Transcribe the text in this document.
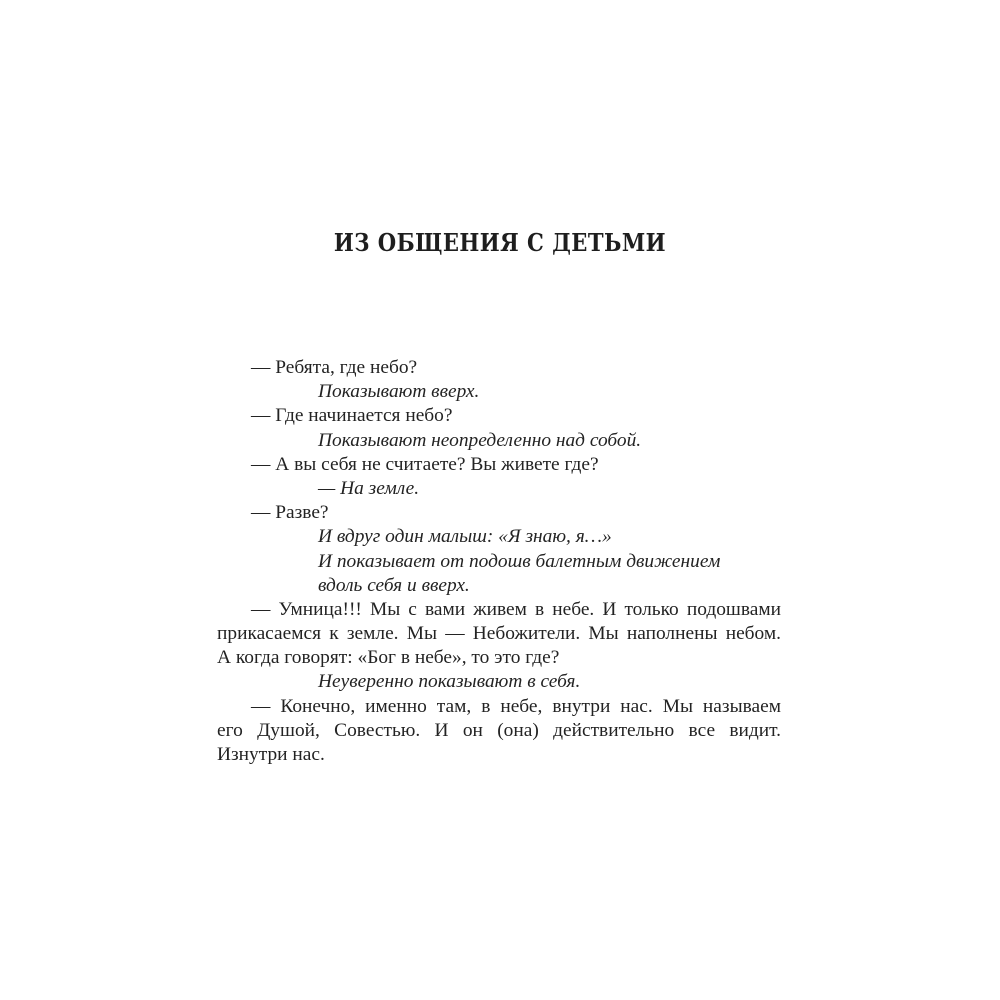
ИЗ ОБЩЕНИЯ С ДЕТЬМИ
— Ребята, где небо?
Показывают вверх.
— Где начинается небо?
Показывают неопределенно над собой.
— А вы себя не считаете? Вы живете где?
— На земле.
— Разве?
И вдруг один малыш: «Я знаю, я…»
И показывает от подошв балетным движением
вдоль себя и вверх.
— Умница!!! Мы с вами живем в небе. И только подошвами
прикасаемся к земле. Мы — Небожители. Мы наполнены небом.
А когда говорят: «Бог в небе», то это где?
Неуверенно показывают в себя.
— Конечно, именно там, в небе, внутри нас. Мы называем
его Душой, Совестью. И он (она) действительно все видит.
Изнутри нас.
